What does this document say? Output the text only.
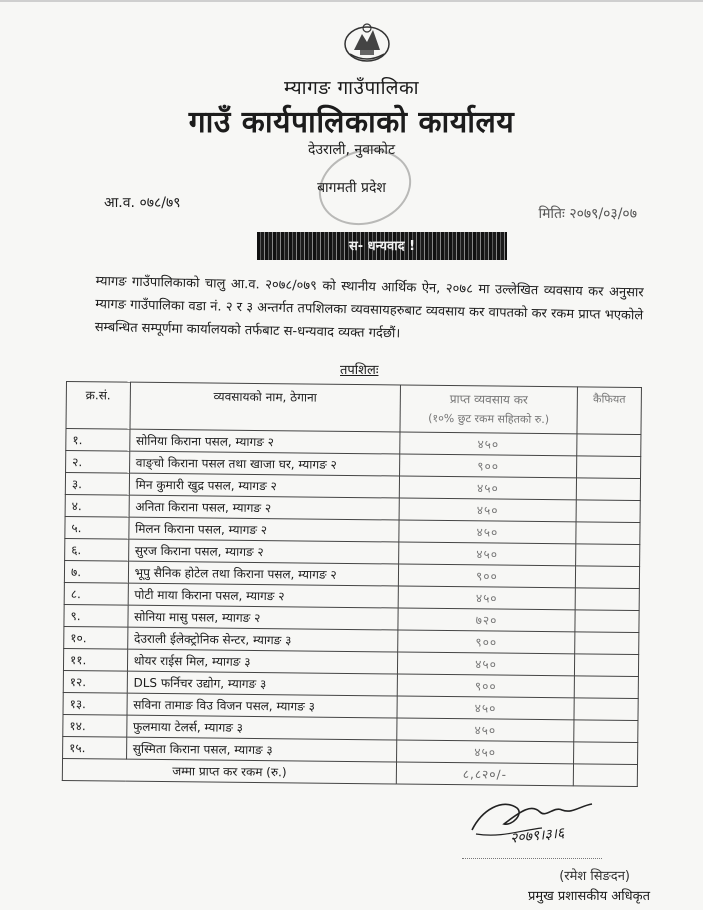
म्यागङ गाउँपालिका
गाउँ कार्यपालिकाको कार्यालय
देउराली, नुवाकोट
बागमती प्रदेश
आ.व. ०७८/७९
मितिः २०७९/०३/०७
स- धन्यवाद !
म्यागङ गाउँपालिकाको चालु आ.व. २०७८/०७९ को स्थानीय आर्थिक ऐन, २०७८ मा उल्लेखित व्यवसाय कर अनुसार म्यागङ गाउँपालिका वडा नं. २ र ३ अन्तर्गत तपशिलका व्यवसायहरुबाट व्यवसाय कर वापतको कर रकम प्राप्त भएकोले सम्बन्धित सम्पूर्णमा कार्यालयको तर्फबाट स-धन्यवाद व्यक्त गर्दछौं।
तपशिलः
क्र.सं.	व्यवसायको नाम, ठेगाना	प्राप्त व्यवसाय कर
(१०% छुट रकम सहितको रु.)	कैफियत
१.	सोनिया किराना पसल, म्यागङ २	४५०	
२.	वाङ्चो किराना पसल तथा खाजा घर, म्यागङ २	९००	
३.	मिन कुमारी खुद्र पसल, म्यागङ २	४५०	
४.	अनिता किराना पसल, म्यागङ २	४५०	
५.	मिलन किराना पसल, म्यागङ २	४५०	
६.	सुरज किराना पसल, म्यागङ २	४५०	
७.	भूपु सैनिक होटेल तथा किराना पसल, म्यागङ २	९००	
८.	पोटी माया किराना पसल, म्यागङ २	४५०	
९.	सोनिया मासु पसल, म्यागङ २	७२०	
१०.	देउराली ईलेक्ट्रोनिक सेन्टर, म्यागङ ३	९००	
११.	थोयर राईस मिल, म्यागङ ३	४५०	
१२.	DLS फर्निचर उद्योग, म्यागङ ३	९००	
१३.	सविना तामाङ विउ विजन पसल, म्यागङ ३	४५०	
१४.	फुलमाया टेलर्स, म्यागङ ३	४५०	
१५.	सुस्मिता किराना पसल, म्यागङ ३	४५०	
जम्मा प्राप्त कर रकम (रु.)		८,८२०/-	
२०७९।३।६
(रमेश सिङदन)
प्रमुख प्रशासकीय अधिकृत
